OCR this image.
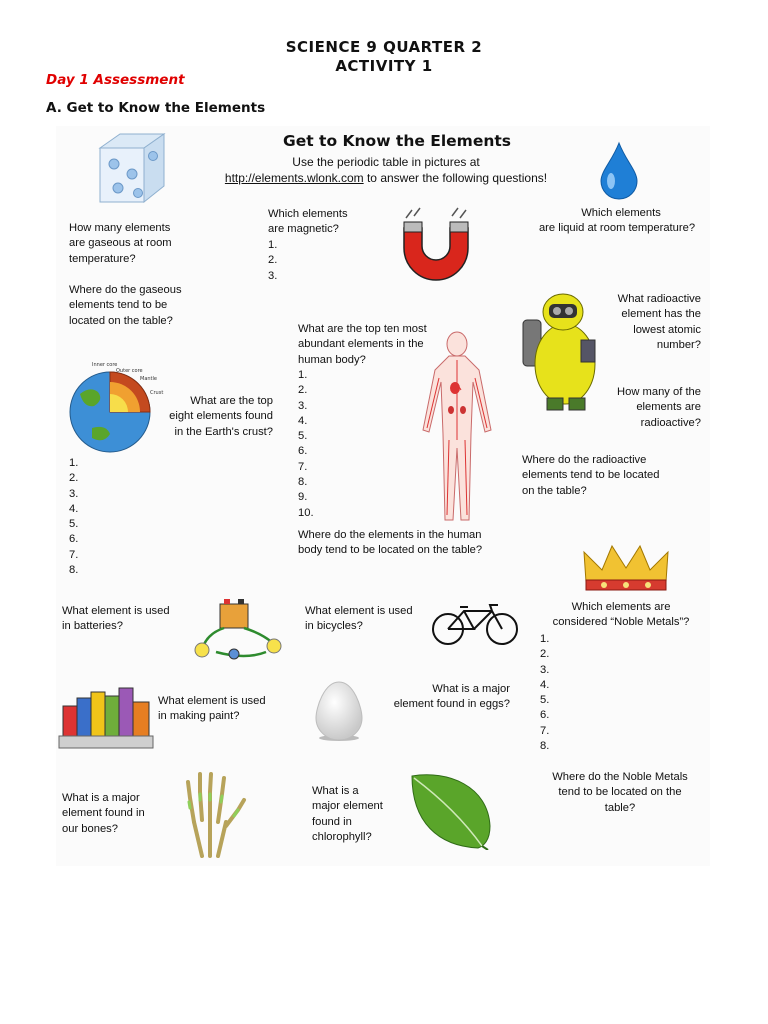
SCIENCE 9 QUARTER 2
ACTIVITY 1
Day 1 Assessment
A. Get to Know the Elements
Get to Know the Elements
Use the periodic table in pictures at
http://elements.wlonk.com to answer the following questions!
Inner core
Outer core
Mantle
Crust
How many elements
are gaseous at room
temperature?
Where do the gaseous
elements tend to be
located on the table?
Which elements
are magnetic?
1.
2.
3.
Which elements
are liquid at room temperature?
What radioactive
element has the
lowest atomic
number?
How many of the
elements are
radioactive?
Where do the radioactive
elements tend to be located
on the table?
What are the top ten most
abundant elements in the
human body?
1.
2.
3.
4.
5.
6.
7.
8.
9.
10.
Where do the elements in the human
body tend to be located on the table?
What are the top
eight elements found
in the Earth's crust?
1.
2.
3.
4.
5.
6.
7.
8.
What element is used
in batteries?
What element is used
in bicycles?
Which elements are
considered “Noble Metals”?
1.
2.
3.
4.
5.
6.
7.
8.
What element is used
in making paint?
What is a major
element found in eggs?
What is a major
element found in
our bones?
What is a
major element
found in
chlorophyll?
Where do the Noble Metals
tend to be located on the
table?
